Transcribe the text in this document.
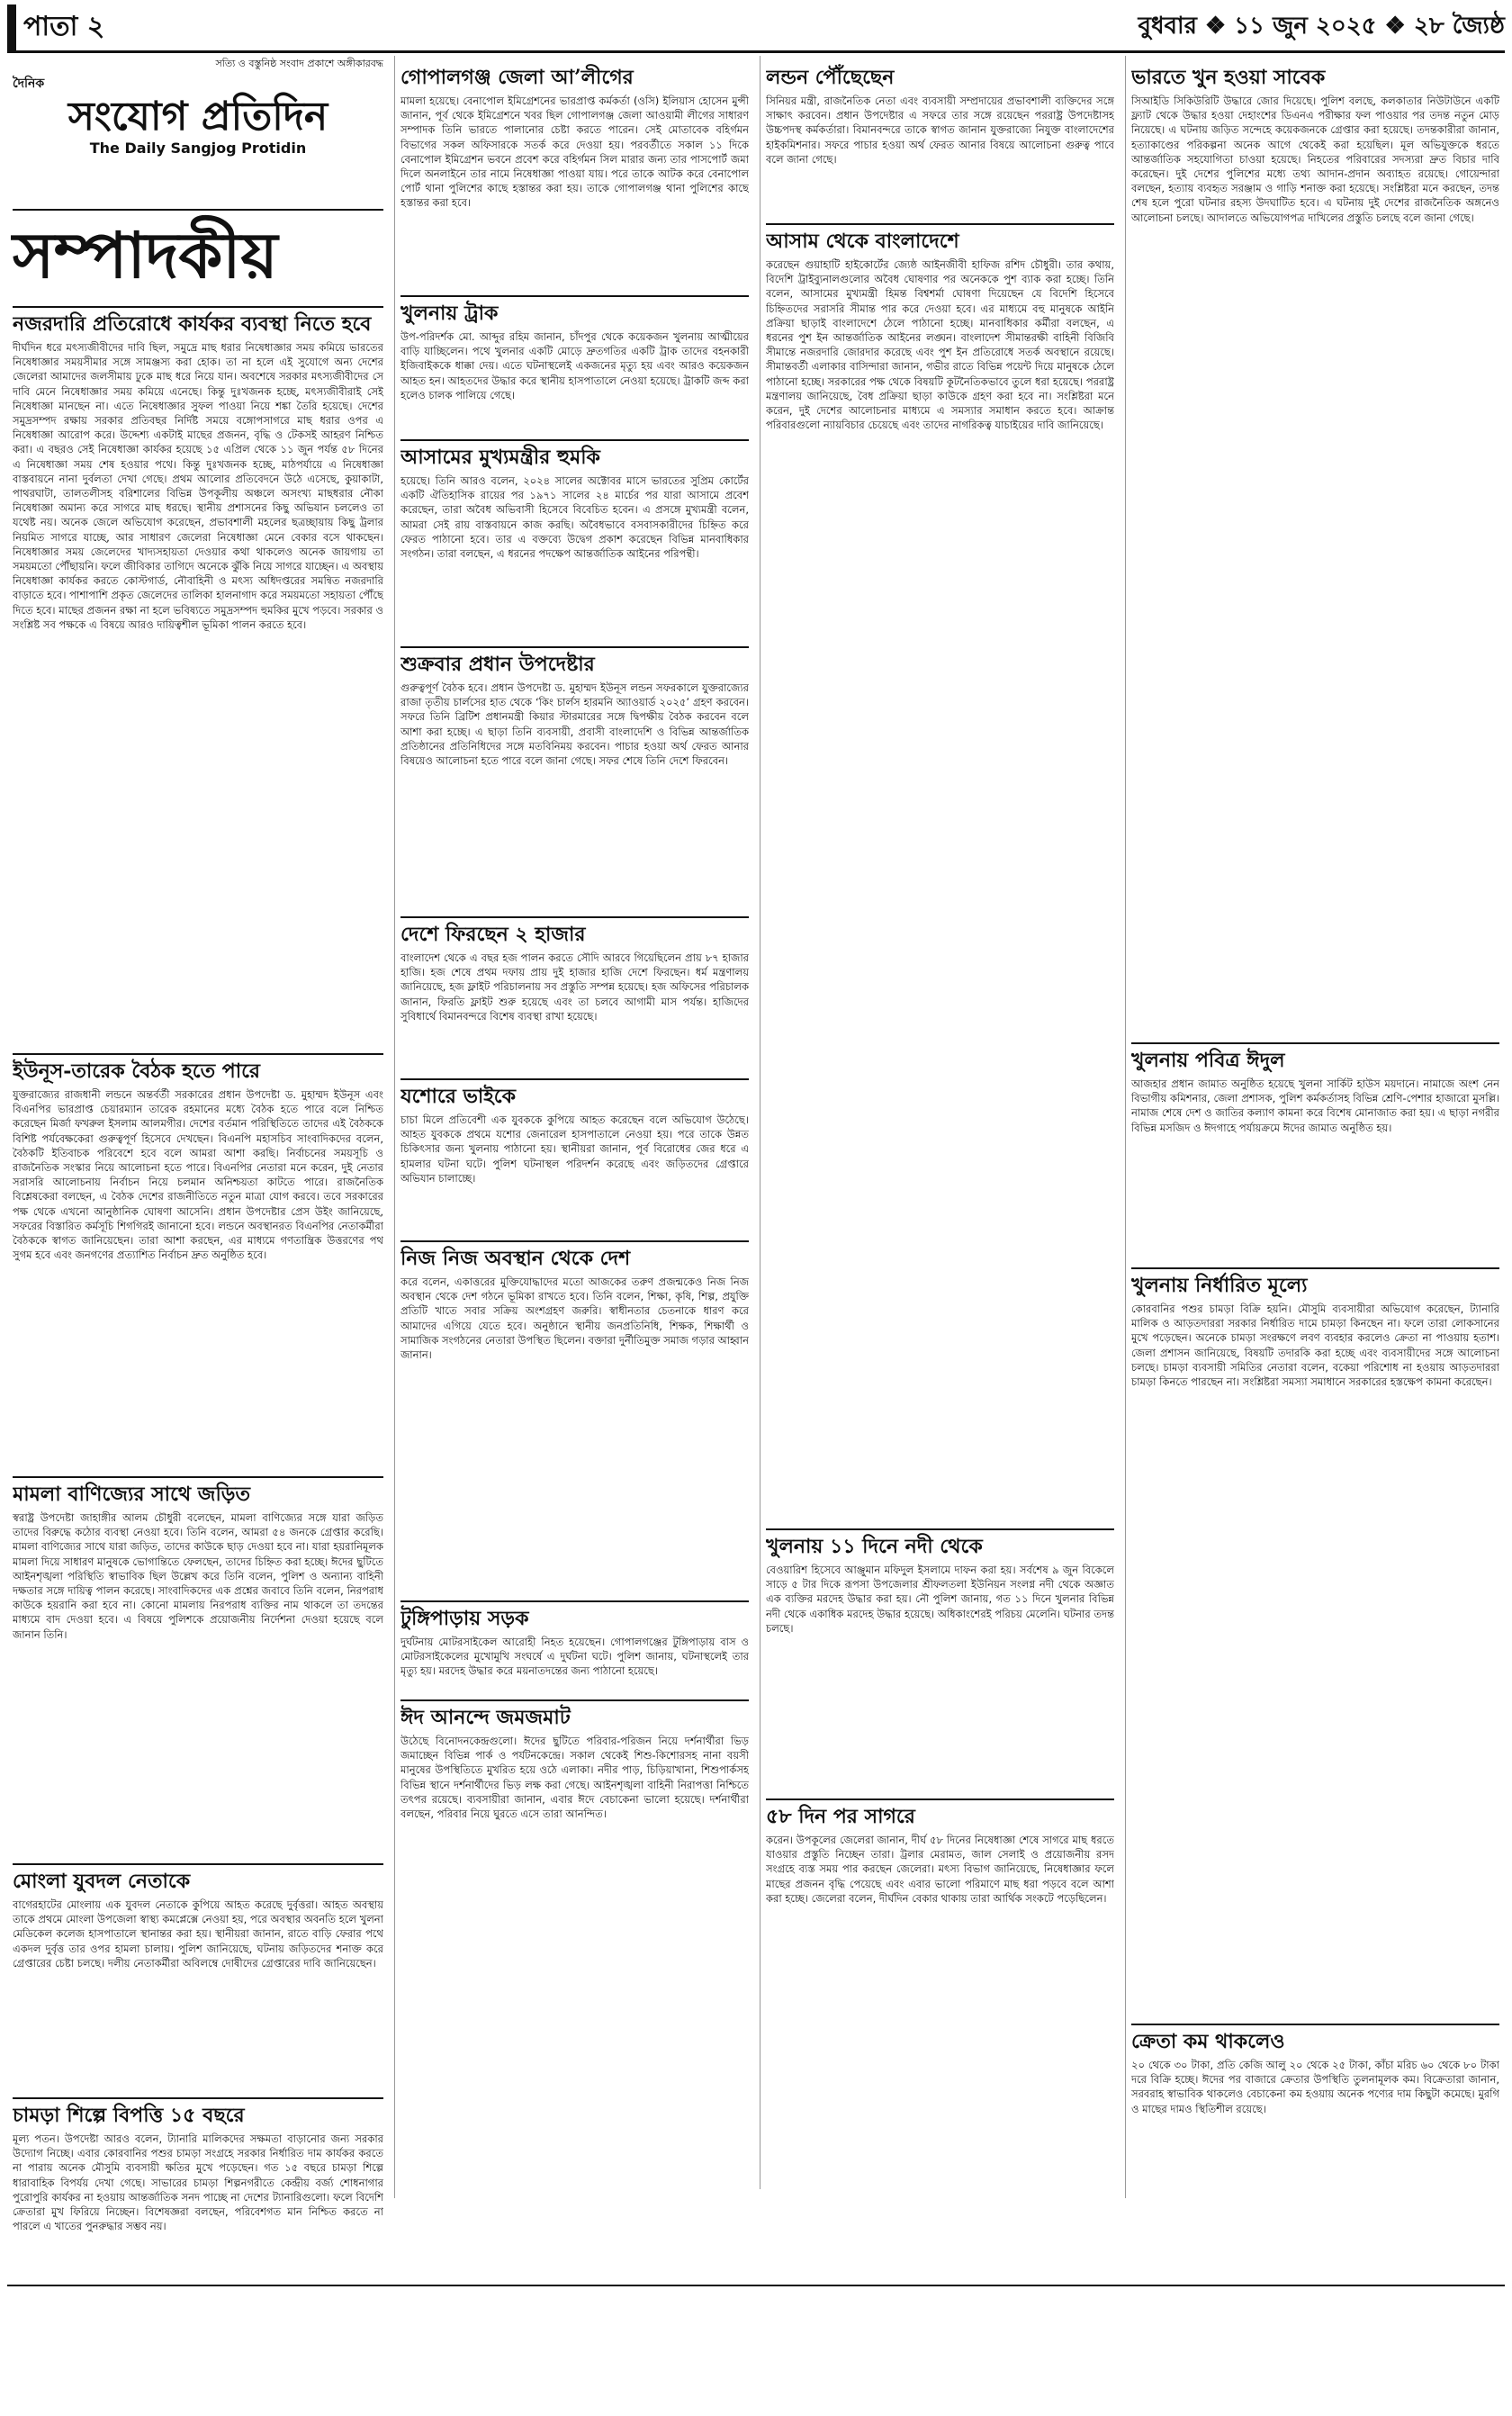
পাতা ২	বুধবার ❖ ১১ জুন ২০২৫ ❖ ২৮ জ্যৈষ্ঠ
সত্যি ও বস্তুনিষ্ঠ সংবাদ প্রকাশে অঙ্গীকারবদ্ধ
দৈনিক
সংযোগ প্রতিদিন
The Daily Sangjog Protidin
সম্পাদকীয়
নজরদারি প্রতিরোধে কার্যকর ব্যবস্থা নিতে হবে

দীর্ঘদিন ধরে মৎস্যজীবীদের দাবি ছিল, সমুদ্রে মাছ ধরার নিষেধাজ্ঞার সময় কমিয়ে ভারতের নিষেধাজ্ঞার সময়সীমার সঙ্গে সামঞ্জস্য করা হোক। তা না হলে এই সুযোগে অন্য দেশের জেলেরা আমাদের জলসীমায় ঢুকে মাছ ধরে নিয়ে যান। অবশেষে সরকার মৎস্যজীবীদের সে দাবি মেনে নিষেধাজ্ঞার সময় কমিয়ে এনেছে। কিন্তু দুঃখজনক হচ্ছে, মৎস্যজীবীরাই সেই নিষেধাজ্ঞা মানছেন না। এতে নিষেধাজ্ঞার সুফল পাওয়া নিয়ে শঙ্কা তৈরি হয়েছে। দেশের সমুদ্রসম্পদ রক্ষায় সরকার প্রতিবছর নির্দিষ্ট সময়ে বঙ্গোপসাগরে মাছ ধরার ওপর এ নিষেধাজ্ঞা আরোপ করে। উদ্দেশ্য একটাই মাছের প্রজনন, বৃদ্ধি ও টেকসই আহরণ নিশ্চিত করা। এ বছরও সেই নিষেধাজ্ঞা কার্যকর হয়েছে ১৫ এপ্রিল থেকে ১১ জুন পর্যন্ত ৫৮ দিনের এ নিষেধাজ্ঞা সময় শেষ হওয়ার পথে। কিন্তু দুঃখজনক হচ্ছে, মাঠপর্যায়ে এ নিষেধাজ্ঞা বাস্তবায়নে নানা দুর্বলতা দেখা গেছে। প্রথম আলোর প্রতিবেদনে উঠে এসেছে, কুয়াকাটা, পাথরঘাটা, তালতলীসহ বরিশালের বিভিন্ন উপকূলীয় অঞ্চলে অসংখ্য মাছধরার নৌকা নিষেধাজ্ঞা অমান্য করে সাগরে মাছ ধরছে। স্থানীয় প্রশাসনের কিছু অভিযান চললেও তা যথেষ্ট নয়। অনেক জেলে অভিযোগ করেছেন, প্রভাবশালী মহলের ছত্রচ্ছায়ায় কিছু ট্রলার নিয়মিত সাগরে যাচ্ছে, আর সাধারণ জেলেরা নিষেধাজ্ঞা মেনে বেকার বসে থাকছেন। নিষেধাজ্ঞার সময় জেলেদের খাদ্যসহায়তা দেওয়ার কথা থাকলেও অনেক জায়গায় তা সময়মতো পৌঁছায়নি। ফলে জীবিকার তাগিদে অনেকে ঝুঁকি নিয়ে সাগরে যাচ্ছেন। এ অবস্থায় নিষেধাজ্ঞা কার্যকর করতে কোস্টগার্ড, নৌবাহিনী ও মৎস্য অধিদপ্তরের সমন্বিত নজরদারি বাড়াতে হবে। পাশাপাশি প্রকৃত জেলেদের তালিকা হালনাগাদ করে সময়মতো সহায়তা পৌঁছে দিতে হবে। মাছের প্রজনন রক্ষা না হলে ভবিষ্যতে সমুদ্রসম্পদ হুমকির মুখে পড়বে। সরকার ও সংশ্লিষ্ট সব পক্ষকে এ বিষয়ে আরও দায়িত্বশীল ভূমিকা পালন করতে হবে।

ইউনূস-তারেক বৈঠক হতে পারে

যুক্তরাজ্যের রাজধানী লন্ডনে অন্তর্বর্তী সরকারের প্রধান উপদেষ্টা ড. মুহাম্মদ ইউনূস এবং বিএনপির ভারপ্রাপ্ত চেয়ারম্যান তারেক রহমানের মধ্যে বৈঠক হতে পারে বলে নিশ্চিত করেছেন মির্জা ফখরুল ইসলাম আলমগীর। দেশের বর্তমান পরিস্থিতিতে তাদের এই বৈঠককে বিশিষ্ট পর্যবেক্ষকেরা গুরুত্বপূর্ণ হিসেবে দেখছেন। বিএনপি মহাসচিব সাংবাদিকদের বলেন, বৈঠকটি ইতিবাচক পরিবেশে হবে বলে আমরা আশা করছি। নির্বাচনের সময়সূচি ও রাজনৈতিক সংস্কার নিয়ে আলোচনা হতে পারে। বিএনপির নেতারা মনে করেন, দুই নেতার সরাসরি আলোচনায় নির্বাচন নিয়ে চলমান অনিশ্চয়তা কাটতে পারে। রাজনৈতিক বিশ্লেষকেরা বলছেন, এ বৈঠক দেশের রাজনীতিতে নতুন মাত্রা যোগ করবে। তবে সরকারের পক্ষ থেকে এখনো আনুষ্ঠানিক ঘোষণা আসেনি। প্রধান উপদেষ্টার প্রেস উইং জানিয়েছে, সফরের বিস্তারিত কর্মসূচি শিগগিরই জানানো হবে। লন্ডনে অবস্থানরত বিএনপির নেতাকর্মীরা বৈঠককে স্বাগত জানিয়েছেন। তারা আশা করছেন, এর মাধ্যমে গণতান্ত্রিক উত্তরণের পথ সুগম হবে এবং জনগণের প্রত্যাশিত নির্বাচন দ্রুত অনুষ্ঠিত হবে।

মামলা বাণিজ্যের সাথে জড়িত

স্বরাষ্ট্র উপদেষ্টা জাহাঙ্গীর আলম চৌধুরী বলেছেন, মামলা বাণিজ্যের সঙ্গে যারা জড়িত তাদের বিরুদ্ধে কঠোর ব্যবস্থা নেওয়া হবে। তিনি বলেন, আমরা ৫৪ জনকে গ্রেপ্তার করেছি। মামলা বাণিজ্যের সাথে যারা জড়িত, তাদের কাউকে ছাড় দেওয়া হবে না। যারা হয়রানিমূলক মামলা দিয়ে সাধারণ মানুষকে ভোগান্তিতে ফেলছেন, তাদের চিহ্নিত করা হচ্ছে। ঈদের ছুটিতে আইনশৃঙ্খলা পরিস্থিতি স্বাভাবিক ছিল উল্লেখ করে তিনি বলেন, পুলিশ ও অন্যান্য বাহিনী দক্ষতার সঙ্গে দায়িত্ব পালন করেছে। সাংবাদিকদের এক প্রশ্নের জবাবে তিনি বলেন, নিরপরাধ কাউকে হয়রানি করা হবে না। কোনো মামলায় নিরপরাধ ব্যক্তির নাম থাকলে তা তদন্তের মাধ্যমে বাদ দেওয়া হবে। এ বিষয়ে পুলিশকে প্রয়োজনীয় নির্দেশনা দেওয়া হয়েছে বলে জানান তিনি।

মোংলা যুবদল নেতাকে

বাগেরহাটের মোংলায় এক যুবদল নেতাকে কুপিয়ে আহত করেছে দুর্বৃত্তরা। আহত অবস্থায় তাকে প্রথমে মোংলা উপজেলা স্বাস্থ্য কমপ্লেক্সে নেওয়া হয়, পরে অবস্থার অবনতি হলে খুলনা মেডিকেল কলেজ হাসপাতালে স্থানান্তর করা হয়। স্থানীয়রা জানান, রাতে বাড়ি ফেরার পথে একদল দুর্বৃত্ত তার ওপর হামলা চালায়। পুলিশ জানিয়েছে, ঘটনায় জড়িতদের শনাক্ত করে গ্রেপ্তারের চেষ্টা চলছে। দলীয় নেতাকর্মীরা অবিলম্বে দোষীদের গ্রেপ্তারের দাবি জানিয়েছেন।

চামড়া শিল্পে বিপত্তি ১৫ বছরে

মূল্য পতন। উপদেষ্টা আরও বলেন, ট্যানারি মালিকদের সক্ষমতা বাড়ানোর জন্য সরকার উদ্যোগ নিচ্ছে। এবার কোরবানির পশুর চামড়া সংগ্রহে সরকার নির্ধারিত দাম কার্যকর করতে না পারায় অনেক মৌসুমি ব্যবসায়ী ক্ষতির মুখে পড়েছেন। গত ১৫ বছরে চামড়া শিল্পে ধারাবাহিক বিপর্যয় দেখা গেছে। সাভারের চামড়া শিল্পনগরীতে কেন্দ্রীয় বর্জ্য শোধনাগার পুরোপুরি কার্যকর না হওয়ায় আন্তর্জাতিক সনদ পাচ্ছে না দেশের ট্যানারিগুলো। ফলে বিদেশি ক্রেতারা মুখ ফিরিয়ে নিচ্ছেন। বিশেষজ্ঞরা বলছেন, পরিবেশগত মান নিশ্চিত করতে না পারলে এ খাতের পুনরুদ্ধার সম্ভব নয়।

গোপালগঞ্জ জেলা আ’লীগের

মামলা হয়েছে। বেনাপোল ইমিগ্রেশনের ভারপ্রাপ্ত কর্মকর্তা (ওসি) ইলিয়াস হোসেন মুন্সী জানান, পূর্ব থেকে ইমিগ্রেশনে খবর ছিল গোপালগঞ্জ জেলা আওয়ামী লীগের সাধারণ সম্পাদক তিনি ভারতে পালানোর চেষ্টা করতে পারেন। সেই মোতাবেক বহির্গমন বিভাগের সকল অফিসারকে সতর্ক করে দেওয়া হয়। পরবর্তীতে সকাল ১১ দিকে বেনাপোল ইমিগ্রেশন ভবনে প্রবেশ করে বহির্গমন সিল মারার জন্য তার পাসপোর্ট জমা দিলে অনলাইনে তার নামে নিষেধাজ্ঞা পাওয়া যায়। পরে তাকে আটক করে বেনাপোল পোর্ট থানা পুলিশের কাছে হস্তান্তর করা হয়। তাকে গোপালগঞ্জ থানা পুলিশের কাছে হস্তান্তর করা হবে।

খুলনায় ট্রাক

উপ-পরিদর্শক মো. আব্দুর রহিম জানান, চাঁদপুর থেকে কয়েকজন খুলনায় আত্মীয়ের বাড়ি যাচ্ছিলেন। পথে খুলনার একটি মোড়ে দ্রুতগতির একটি ট্রাক তাদের বহনকারী ইজিবাইককে ধাক্কা দেয়। এতে ঘটনাস্থলেই একজনের মৃত্যু হয় এবং আরও কয়েকজন আহত হন। আহতদের উদ্ধার করে স্থানীয় হাসপাতালে নেওয়া হয়েছে। ট্রাকটি জব্দ করা হলেও চালক পালিয়ে গেছে।

আসামের মুখ্যমন্ত্রীর হুমকি

হয়েছে। তিনি আরও বলেন, ২০২৪ সালের অক্টোবর মাসে ভারতের সুপ্রিম কোর্টের একটি ঐতিহাসিক রায়ের পর ১৯৭১ সালের ২৪ মার্চের পর যারা আসামে প্রবেশ করেছেন, তারা অবৈধ অভিবাসী হিসেবে বিবেচিত হবেন। এ প্রসঙ্গে মুখ্যমন্ত্রী বলেন, আমরা সেই রায় বাস্তবায়নে কাজ করছি। অবৈধভাবে বসবাসকারীদের চিহ্নিত করে ফেরত পাঠানো হবে। তার এ বক্তব্যে উদ্বেগ প্রকাশ করেছেন বিভিন্ন মানবাধিকার সংগঠন। তারা বলছেন, এ ধরনের পদক্ষেপ আন্তর্জাতিক আইনের পরিপন্থী।

শুক্রবার প্রধান উপদেষ্টার

গুরুত্বপূর্ণ বৈঠক হবে। প্রধান উপদেষ্টা ড. মুহাম্মদ ইউনূস লন্ডন সফরকালে যুক্তরাজ্যের রাজা তৃতীয় চার্লসের হাত থেকে ‘কিং চার্লস হারমনি অ্যাওয়ার্ড ২০২৫’ গ্রহণ করবেন। সফরে তিনি ব্রিটিশ প্রধানমন্ত্রী কিয়ার স্টারমারের সঙ্গে দ্বিপক্ষীয় বৈঠক করবেন বলে আশা করা হচ্ছে। এ ছাড়া তিনি ব্যবসায়ী, প্রবাসী বাংলাদেশি ও বিভিন্ন আন্তর্জাতিক প্রতিষ্ঠানের প্রতিনিধিদের সঙ্গে মতবিনিময় করবেন। পাচার হওয়া অর্থ ফেরত আনার বিষয়েও আলোচনা হতে পারে বলে জানা গেছে। সফর শেষে তিনি দেশে ফিরবেন।

দেশে ফিরছেন ২ হাজার

বাংলাদেশ থেকে এ বছর হজ পালন করতে সৌদি আরবে গিয়েছিলেন প্রায় ৮৭ হাজার হাজি। হজ শেষে প্রথম দফায় প্রায় দুই হাজার হাজি দেশে ফিরছেন। ধর্ম মন্ত্রণালয় জানিয়েছে, হজ ফ্লাইট পরিচালনায় সব প্রস্তুতি সম্পন্ন হয়েছে। হজ অফিসের পরিচালক জানান, ফিরতি ফ্লাইট শুরু হয়েছে এবং তা চলবে আগামী মাস পর্যন্ত। হাজিদের সুবিধার্থে বিমানবন্দরে বিশেষ ব্যবস্থা রাখা হয়েছে।

যশোরে ভাইকে

চাচা মিলে প্রতিবেশী এক যুবককে কুপিয়ে আহত করেছেন বলে অভিযোগ উঠেছে। আহত যুবককে প্রথমে যশোর জেনারেল হাসপাতালে নেওয়া হয়। পরে তাকে উন্নত চিকিৎসার জন্য খুলনায় পাঠানো হয়। স্থানীয়রা জানান, পূর্ব বিরোধের জের ধরে এ হামলার ঘটনা ঘটে। পুলিশ ঘটনাস্থল পরিদর্শন করেছে এবং জড়িতদের গ্রেপ্তারে অভিযান চালাচ্ছে।

নিজ নিজ অবস্থান থেকে দেশ

করে বলেন, একাত্তরের মুক্তিযোদ্ধাদের মতো আজকের তরুণ প্রজন্মকেও নিজ নিজ অবস্থান থেকে দেশ গঠনে ভূমিকা রাখতে হবে। তিনি বলেন, শিক্ষা, কৃষি, শিল্প, প্রযুক্তি প্রতিটি খাতে সবার সক্রিয় অংশগ্রহণ জরুরি। স্বাধীনতার চেতনাকে ধারণ করে আমাদের এগিয়ে যেতে হবে। অনুষ্ঠানে স্থানীয় জনপ্রতিনিধি, শিক্ষক, শিক্ষার্থী ও সামাজিক সংগঠনের নেতারা উপস্থিত ছিলেন। বক্তারা দুর্নীতিমুক্ত সমাজ গড়ার আহ্বান জানান।

টুঙ্গিপাড়ায় সড়ক

দুর্ঘটনায় মোটরসাইকেল আরোহী নিহত হয়েছেন। গোপালগঞ্জের টুঙ্গিপাড়ায় বাস ও মোটরসাইকেলের মুখোমুখি সংঘর্ষে এ দুর্ঘটনা ঘটে। পুলিশ জানায়, ঘটনাস্থলেই তার মৃত্যু হয়। মরদেহ উদ্ধার করে ময়নাতদন্তের জন্য পাঠানো হয়েছে।

ঈদ আনন্দে জমজমাট

উঠেছে বিনোদনকেন্দ্রগুলো। ঈদের ছুটিতে পরিবার-পরিজন নিয়ে দর্শনার্থীরা ভিড় জমাচ্ছেন বিভিন্ন পার্ক ও পর্যটনকেন্দ্রে। সকাল থেকেই শিশু-কিশোরসহ নানা বয়সী মানুষের উপস্থিতিতে মুখরিত হয়ে ওঠে এলাকা। নদীর পাড়, চিড়িয়াখানা, শিশুপার্কসহ বিভিন্ন স্থানে দর্শনার্থীদের ভিড় লক্ষ করা গেছে। আইনশৃঙ্খলা বাহিনী নিরাপত্তা নিশ্চিতে তৎপর রয়েছে। ব্যবসায়ীরা জানান, এবার ঈদে বেচাকেনা ভালো হয়েছে। দর্শনার্থীরা বলছেন, পরিবার নিয়ে ঘুরতে এসে তারা আনন্দিত।

লন্ডন পৌঁছেছেন

সিনিয়র মন্ত্রী, রাজনৈতিক নেতা এবং ব্যবসায়ী সম্প্রদায়ের প্রভাবশালী ব্যক্তিদের সঙ্গে সাক্ষাৎ করবেন। প্রধান উপদেষ্টার এ সফরে তার সঙ্গে রয়েছেন পররাষ্ট্র উপদেষ্টাসহ উচ্চপদস্থ কর্মকর্তারা। বিমানবন্দরে তাকে স্বাগত জানান যুক্তরাজ্যে নিযুক্ত বাংলাদেশের হাইকমিশনার। সফরে পাচার হওয়া অর্থ ফেরত আনার বিষয়ে আলোচনা গুরুত্ব পাবে বলে জানা গেছে।

আসাম থেকে বাংলাদেশে

করেছেন গুয়াহাটি হাইকোর্টের জ্যেষ্ঠ আইনজীবী হাফিজ রশিদ চৌধুরী। তার কথায়, বিদেশি ট্রাইব্যুনালগুলোর অবৈধ ঘোষণার পর অনেককে পুশ ব্যাক করা হচ্ছে। তিনি বলেন, আসামের মুখ্যমন্ত্রী হিমন্ত বিশ্বশর্মা ঘোষণা দিয়েছেন যে বিদেশি হিসেবে চিহ্নিতদের সরাসরি সীমান্ত পার করে দেওয়া হবে। এর মাধ্যমে বহু মানুষকে আইনি প্রক্রিয়া ছাড়াই বাংলাদেশে ঠেলে পাঠানো হচ্ছে। মানবাধিকার কর্মীরা বলছেন, এ ধরনের পুশ ইন আন্তর্জাতিক আইনের লঙ্ঘন। বাংলাদেশ সীমান্তরক্ষী বাহিনী বিজিবি সীমান্তে নজরদারি জোরদার করেছে এবং পুশ ইন প্রতিরোধে সতর্ক অবস্থানে রয়েছে। সীমান্তবর্তী এলাকার বাসিন্দারা জানান, গভীর রাতে বিভিন্ন পয়েন্ট দিয়ে মানুষকে ঠেলে পাঠানো হচ্ছে। সরকারের পক্ষ থেকে বিষয়টি কূটনৈতিকভাবে তুলে ধরা হয়েছে। পররাষ্ট্র মন্ত্রণালয় জানিয়েছে, বৈধ প্রক্রিয়া ছাড়া কাউকে গ্রহণ করা হবে না। সংশ্লিষ্টরা মনে করেন, দুই দেশের আলোচনার মাধ্যমে এ সমস্যার সমাধান করতে হবে। আক্রান্ত পরিবারগুলো ন্যায়বিচার চেয়েছে এবং তাদের নাগরিকত্ব যাচাইয়ের দাবি জানিয়েছে।

খুলনায় ১১ দিনে নদী থেকে

বেওয়ারিশ হিসেবে আঞ্জুমান মফিদুল ইসলামে দাফন করা হয়। সর্বশেষ ৯ জুন বিকেলে সাড়ে ৫ টার দিকে রূপসা উপজেলার শ্রীফলতলা ইউনিয়ন সংলগ্ন নদী থেকে অজ্ঞাত এক ব্যক্তির মরদেহ উদ্ধার করা হয়। নৌ পুলিশ জানায়, গত ১১ দিনে খুলনার বিভিন্ন নদী থেকে একাধিক মরদেহ উদ্ধার হয়েছে। অধিকাংশেরই পরিচয় মেলেনি। ঘটনার তদন্ত চলছে।

৫৮ দিন পর সাগরে

করেন। উপকূলের জেলেরা জানান, দীর্ঘ ৫৮ দিনের নিষেধাজ্ঞা শেষে সাগরে মাছ ধরতে যাওয়ার প্রস্তুতি নিচ্ছেন তারা। ট্রলার মেরামত, জাল সেলাই ও প্রয়োজনীয় রসদ সংগ্রহে ব্যস্ত সময় পার করছেন জেলেরা। মৎস্য বিভাগ জানিয়েছে, নিষেধাজ্ঞার ফলে মাছের প্রজনন বৃদ্ধি পেয়েছে এবং এবার ভালো পরিমাণে মাছ ধরা পড়বে বলে আশা করা হচ্ছে। জেলেরা বলেন, দীর্ঘদিন বেকার থাকায় তারা আর্থিক সংকটে পড়েছিলেন।

ভারতে খুন হওয়া সাবেক

সিআইডি সিকিউরিটি উদ্ধারে জোর দিয়েছে। পুলিশ বলছে, কলকাতার নিউটাউনে একটি ফ্ল্যাট থেকে উদ্ধার হওয়া দেহাংশের ডিএনএ পরীক্ষার ফল পাওয়ার পর তদন্ত নতুন মোড় নিয়েছে। এ ঘটনায় জড়িত সন্দেহে কয়েকজনকে গ্রেপ্তার করা হয়েছে। তদন্তকারীরা জানান, হত্যাকাণ্ডের পরিকল্পনা অনেক আগে থেকেই করা হয়েছিল। মূল অভিযুক্তকে ধরতে আন্তর্জাতিক সহযোগিতা চাওয়া হয়েছে। নিহতের পরিবারের সদস্যরা দ্রুত বিচার দাবি করেছেন। দুই দেশের পুলিশের মধ্যে তথ্য আদান-প্রদান অব্যাহত রয়েছে। গোয়েন্দারা বলছেন, হত্যায় ব্যবহৃত সরঞ্জাম ও গাড়ি শনাক্ত করা হয়েছে। সংশ্লিষ্টরা মনে করছেন, তদন্ত শেষ হলে পুরো ঘটনার রহস্য উদঘাটিত হবে। এ ঘটনায় দুই দেশের রাজনৈতিক অঙ্গনেও আলোচনা চলছে। আদালতে অভিযোগপত্র দাখিলের প্রস্তুতি চলছে বলে জানা গেছে।

খুলনায় পবিত্র ঈদুল

আজহার প্রধান জামাত অনুষ্ঠিত হয়েছে খুলনা সার্কিট হাউস ময়দানে। নামাজে অংশ নেন বিভাগীয় কমিশনার, জেলা প্রশাসক, পুলিশ কর্মকর্তাসহ বিভিন্ন শ্রেণি-পেশার হাজারো মুসল্লি। নামাজ শেষে দেশ ও জাতির কল্যাণ কামনা করে বিশেষ মোনাজাত করা হয়। এ ছাড়া নগরীর বিভিন্ন মসজিদ ও ঈদগাহে পর্যায়ক্রমে ঈদের জামাত অনুষ্ঠিত হয়।

খুলনায় নির্ধারিত মূল্যে

কোরবানির পশুর চামড়া বিক্রি হয়নি। মৌসুমি ব্যবসায়ীরা অভিযোগ করেছেন, ট্যানারি মালিক ও আড়তদাররা সরকার নির্ধারিত দামে চামড়া কিনছেন না। ফলে তারা লোকসানের মুখে পড়েছেন। অনেকে চামড়া সংরক্ষণে লবণ ব্যবহার করলেও ক্রেতা না পাওয়ায় হতাশ। জেলা প্রশাসন জানিয়েছে, বিষয়টি তদারকি করা হচ্ছে এবং ব্যবসায়ীদের সঙ্গে আলোচনা চলছে। চামড়া ব্যবসায়ী সমিতির নেতারা বলেন, বকেয়া পরিশোধ না হওয়ায় আড়তদাররা চামড়া কিনতে পারছেন না। সংশ্লিষ্টরা সমস্যা সমাধানে সরকারের হস্তক্ষেপ কামনা করেছেন।

ক্রেতা কম থাকলেও

২০ থেকে ৩০ টাকা, প্রতি কেজি আলু ২০ থেকে ২৫ টাকা, কাঁচা মরিচ ৬০ থেকে ৮০ টাকা দরে বিক্রি হচ্ছে। ঈদের পর বাজারে ক্রেতার উপস্থিতি তুলনামূলক কম। বিক্রেতারা জানান, সরবরাহ স্বাভাবিক থাকলেও বেচাকেনা কম হওয়ায় অনেক পণ্যের দাম কিছুটা কমেছে। মুরগি ও মাছের দামও স্থিতিশীল রয়েছে।
